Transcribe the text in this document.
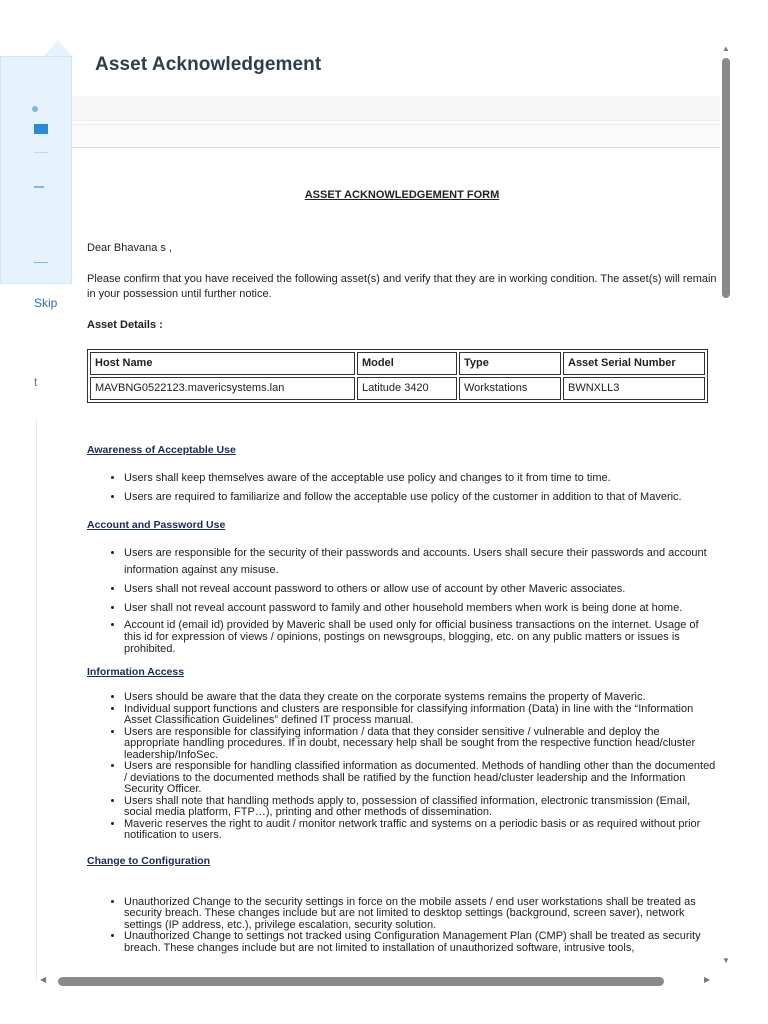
Skip
t
Asset Acknowledgement
ASSET ACKNOWLEDGEMENT FORM
Dear Bhavana s ,
Please confirm that you have received the following asset(s) and verify that they are in working condition. The asset(s) will remain in your possession until further notice.
Asset Details :
Host Name	Model	Type	Asset Serial Number
MAVBNG0522123.mavericsystems.lan	Latitude 3420	Workstations	BWNXLL3
Awareness of Acceptable Use
• Users shall keep themselves aware of the acceptable use policy and changes to it from time to time.
• Users are required to familiarize and follow the acceptable use policy of the customer in addition to that of Maveric.
Account and Password Use
• Users are responsible for the security of their passwords and accounts. Users shall secure their passwords and account information against any misuse.
• Users shall not reveal account password to others or allow use of account by other Maveric associates.
• User shall not reveal account password to family and other household members when work is being done at home.
• Account id (email id) provided by Maveric shall be used only for official business transactions on the internet. Usage of this id for expression of views / opinions, postings on newsgroups, blogging, etc. on any public matters or issues is prohibited.
Information Access
• Users should be aware that the data they create on the corporate systems remains the property of Maveric.
• Individual support functions and clusters are responsible for classifying information (Data) in line with the “Information Asset Classification Guidelines” defined IT process manual.
• Users are responsible for classifying information / data that they consider sensitive / vulnerable and deploy the appropriate handling procedures. If in doubt, necessary help shall be sought from the respective function head/cluster leadership/InfoSec.
• Users are responsible for handling classified information as documented. Methods of handling other than the documented / deviations to the documented methods shall be ratified by the function head/cluster leadership and the Information Security Officer.
• Users shall note that handling methods apply to, possession of classified information, electronic transmission (Email, social media platform, FTP…), printing and other methods of dissemination.
• Maveric reserves the right to audit / monitor network traffic and systems on a periodic basis or as required without prior notification to users.
Change to Configuration
• Unauthorized Change to the security settings in force on the mobile assets / end user workstations shall be treated as security breach. These changes include but are not limited to desktop settings (background, screen saver), network settings (IP address, etc.), privilege escalation, security solution.
• Unauthorized Change to settings not tracked using Configuration Management Plan (CMP) shall be treated as security breach. These changes include but are not limited to installation of unauthorized software, intrusive tools,
▲
▼
◀	▶
